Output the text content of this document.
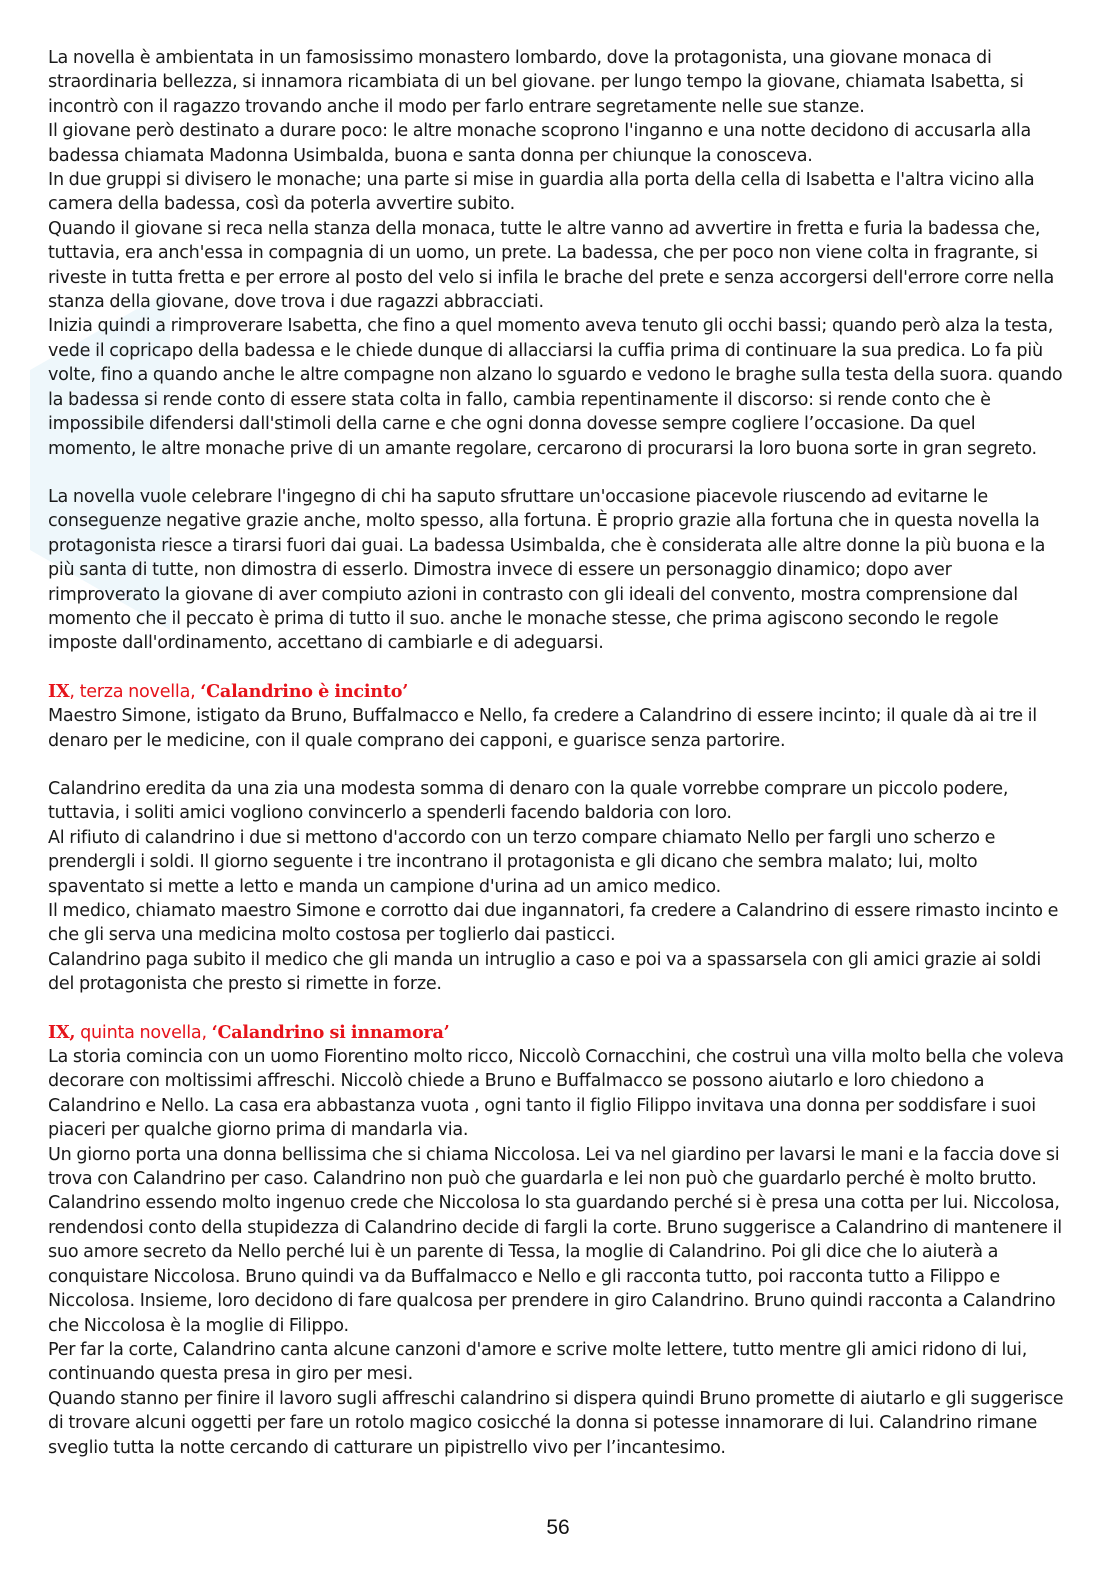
La novella è ambientata in un famosissimo monastero lombardo, dove la protagonista, una giovane monaca di straordinaria bellezza, si innamora ricambiata di un bel giovane. per lungo tempo la giovane, chiamata Isabetta, si incontrò con il ragazzo trovando anche il modo per farlo entrare segretamente nelle sue stanze.

Il giovane però destinato a durare poco: le altre monache scoprono l'inganno e una notte decidono di accusarla alla badessa chiamata Madonna Usimbalda, buona e santa donna per chiunque la conosceva.

In due gruppi si divisero le monache; una parte si mise in guardia alla porta della cella di Isabetta e l'altra vicino alla camera della badessa, così da poterla avvertire subito.

Quando il giovane si reca nella stanza della monaca, tutte le altre vanno ad avvertire in fretta e furia la badessa che, tuttavia, era anch'essa in compagnia di un uomo, un prete. La badessa, che per poco non viene colta in fragrante, si riveste in tutta fretta e per errore al posto del velo si infila le brache del prete e senza accorgersi dell'errore corre nella stanza della giovane, dove trova i due ragazzi abbracciati.

Inizia quindi a rimproverare Isabetta, che fino a quel momento aveva tenuto gli occhi bassi; quando però alza la testa, vede il copricapo della badessa e le chiede dunque di allacciarsi la cuffia prima di continuare la sua predica. Lo fa più volte, fino a quando anche le altre compagne non alzano lo sguardo e vedono le braghe sulla testa della suora. quando la badessa si rende conto di essere stata colta in fallo, cambia repentinamente il discorso: si rende conto che è impossibile difendersi dall'stimoli della carne e che ogni donna dovesse sempre cogliere l’occasione. Da quel momento, le altre monache prive di un amante regolare, cercarono di procurarsi la loro buona sorte in gran segreto.

La novella vuole celebrare l'ingegno di chi ha saputo sfruttare un'occasione piacevole riuscendo ad evitarne le conseguenze negative grazie anche, molto spesso, alla fortuna. È proprio grazie alla fortuna che in questa novella la protagonista riesce a tirarsi fuori dai guai. La badessa Usimbalda, che è considerata alle altre donne la più buona e la più santa di tutte, non dimostra di esserlo. Dimostra invece di essere un personaggio dinamico; dopo aver rimproverato la giovane di aver compiuto azioni in contrasto con gli ideali del convento, mostra comprensione dal momento che il peccato è prima di tutto il suo. anche le monache stesse, che prima agiscono secondo le regole imposte dall'ordinamento, accettano di cambiarle e di adeguarsi.

IX, terza novella, ‘Calandrino è incinto’

Maestro Simone, istigato da Bruno, Buffalmacco e Nello, fa credere a Calandrino di essere incinto; il quale dà ai tre il denaro per le medicine, con il quale comprano dei capponi, e guarisce senza partorire.

Calandrino eredita da una zia una modesta somma di denaro con la quale vorrebbe comprare un piccolo podere, tuttavia, i soliti amici vogliono convincerlo a spenderli facendo baldoria con loro.

Al rifiuto di calandrino i due si mettono d'accordo con un terzo compare chiamato Nello per fargli uno scherzo e prendergli i soldi. Il giorno seguente i tre incontrano il protagonista e gli dicano che sembra malato; lui, molto spaventato si mette a letto e manda un campione d'urina ad un amico medico.

Il medico, chiamato maestro Simone e corrotto dai due ingannatori, fa credere a Calandrino di essere rimasto incinto e che gli serva una medicina molto costosa per toglierlo dai pasticci.

Calandrino paga subito il medico che gli manda un intruglio a caso e poi va a spassarsela con gli amici grazie ai soldi del protagonista che presto si rimette in forze.

IX, quinta novella, ‘Calandrino si innamora’

La storia comincia con un uomo Fiorentino molto ricco, Niccolò Cornacchini, che costruì una villa molto bella che voleva decorare con moltissimi affreschi. Niccolò chiede a Bruno e Buffalmacco se possono aiutarlo e loro chiedono a Calandrino e Nello. La casa era abbastanza vuota , ogni tanto il figlio Filippo invitava una donna per soddisfare i suoi piaceri per qualche giorno prima di mandarla via.

Un giorno porta una donna bellissima che si chiama Niccolosa. Lei va nel giardino per lavarsi le mani e la faccia dove si trova con Calandrino per caso. Calandrino non può che guardarla e lei non può che guardarlo perché è molto brutto. Calandrino essendo molto ingenuo crede che Niccolosa lo sta guardando perché si è presa una cotta per lui. Niccolosa, rendendosi conto della stupidezza di Calandrino decide di fargli la corte. Bruno suggerisce a Calandrino di mantenere il suo amore secreto da Nello perché lui è un parente di Tessa, la moglie di Calandrino. Poi gli dice che lo aiuterà a conquistare Niccolosa. Bruno quindi va da Buffalmacco e Nello e gli racconta tutto, poi racconta tutto a Filippo e Niccolosa. Insieme, loro decidono di fare qualcosa per prendere in giro Calandrino. Bruno quindi racconta a Calandrino che Niccolosa è la moglie di Filippo.

Per far la corte, Calandrino canta alcune canzoni d'amore e scrive molte lettere, tutto mentre gli amici ridono di lui, continuando questa presa in giro per mesi.

Quando stanno per finire il lavoro sugli affreschi calandrino si dispera quindi Bruno promette di aiutarlo e gli suggerisce di trovare alcuni oggetti per fare un rotolo magico cosicché la donna si potesse innamorare di lui. Calandrino rimane sveglio tutta la notte cercando di catturare un pipistrello vivo per l’incantesimo.

56
